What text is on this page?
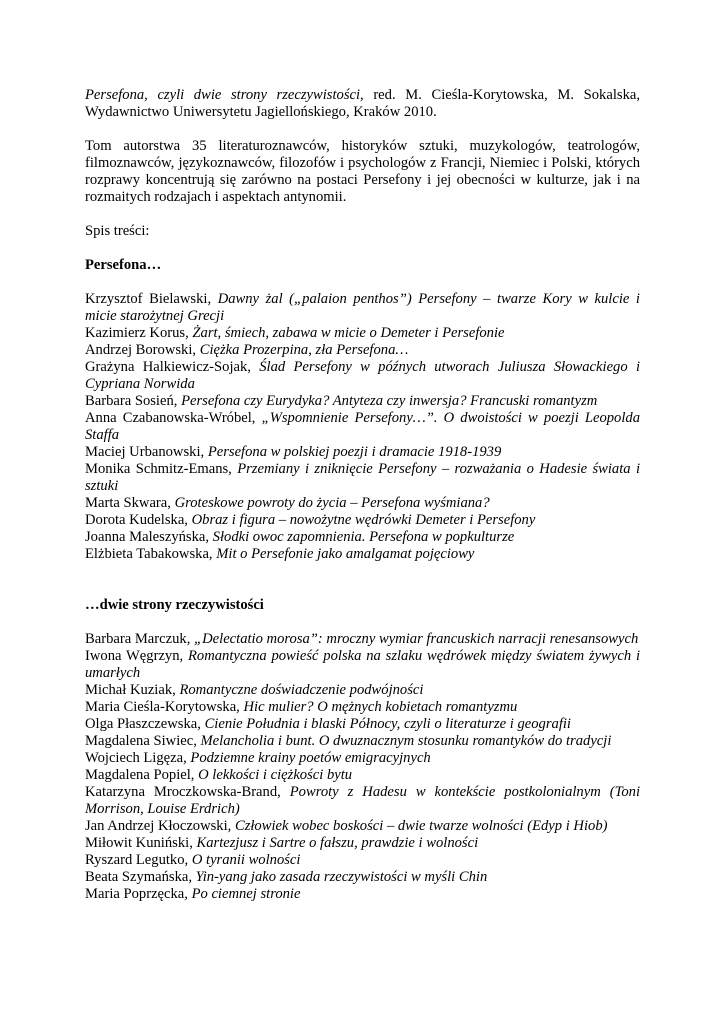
Persefona, czyli dwie strony rzeczywistości, red. M. Cieśla-Korytowska, M. Sokalska, Wydawnictwo Uniwersytetu Jagiellońskiego, Kraków 2010.

Tom autorstwa 35 literaturoznawców, historyków sztuki, muzykologów, teatrologów, filmoznawców, językoznawców, filozofów i psychologów z Francji, Niemiec i Polski, których rozprawy koncentrują się zarówno na postaci Persefony i jej obecności w kulturze, jak i na rozmaitych rodzajach i aspektach antynomii.

Spis treści:

Persefona…
Krzysztof Bielawski, Dawny żal („palaion penthos”) Persefony – twarze Kory w kulcie i micie starożytnej Grecji
Kazimierz Korus, Żart, śmiech, zabawa w micie o Demeter i Persefonie
Andrzej Borowski, Ciężka Prozerpina, zła Persefona…
Grażyna Halkiewicz-Sojak, Ślad Persefony w późnych utworach Juliusza Słowackiego i Cypriana Norwida
Barbara Sosień, Persefona czy Eurydyka? Antyteza czy inwersja? Francuski romantyzm
Anna Czabanowska-Wróbel, „Wspomnienie Persefony…”. O dwoistości w poezji Leopolda Staffa
Maciej Urbanowski, Persefona w polskiej poezji i dramacie 1918-1939
Monika Schmitz-Emans, Przemiany i zniknięcie Persefony – rozważania o Hadesie świata i sztuki
Marta Skwara, Groteskowe powroty do życia – Persefona wyśmiana?
Dorota Kudelska, Obraz i figura – nowożytne wędrówki Demeter i Persefony
Joanna Maleszyńska, Słodki owoc zapomnienia. Persefona w popkulturze
Elżbieta Tabakowska, Mit o Persefonie jako amalgamat pojęciowy
…dwie strony rzeczywistości
Barbara Marczuk, „Delectatio morosa”: mroczny wymiar francuskich narracji renesansowych
Iwona Węgrzyn, Romantyczna powieść polska na szlaku wędrówek między światem żywych i umarłych
Michał Kuziak, Romantyczne doświadczenie podwójności
Maria Cieśla-Korytowska, Hic mulier? O mężnych kobietach romantyzmu
Olga Płaszczewska, Cienie Południa i blaski Północy, czyli o literaturze i geografii
Magdalena Siwiec, Melancholia i bunt. O dwuznacznym stosunku romantyków do tradycji
Wojciech Ligęza, Podziemne krainy poetów emigracyjnych
Magdalena Popiel, O lekkości i ciężkości bytu
Katarzyna Mroczkowska-Brand, Powroty z Hadesu w kontekście postkolonialnym (Toni Morrison, Louise Erdrich)
Jan Andrzej Kłoczowski, Człowiek wobec boskości – dwie twarze wolności (Edyp i Hiob)
Miłowit Kuniński, Kartezjusz i Sartre o fałszu, prawdzie i wolności
Ryszard Legutko, O tyranii wolności
Beata Szymańska, Yin-yang jako zasada rzeczywistości w myśli Chin
Maria Poprzęcka, Po ciemnej stronie
